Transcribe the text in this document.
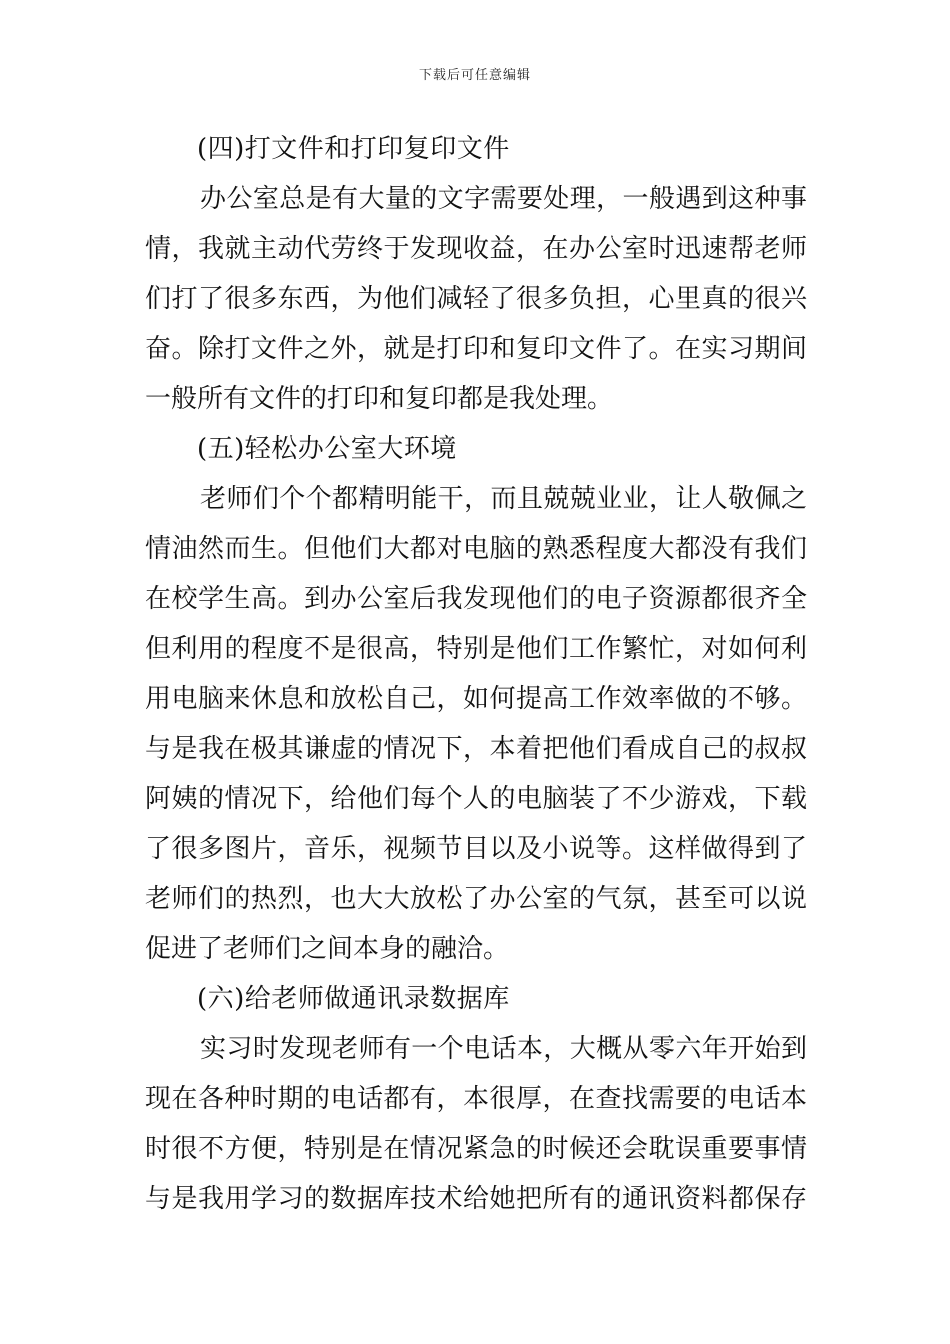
下载后可任意编辑
(四)打文件和打印复印文件
办公室总是有大量的文字需要处理，一般遇到这种事
情，我就主动代劳终于发现收益，在办公室时迅速帮老师
们打了很多东西，为他们减轻了很多负担，心里真的很兴
奋。除打文件之外，就是打印和复印文件了。在实习期间
一般所有文件的打印和复印都是我处理。
(五)轻松办公室大环境
老师们个个都精明能干，而且兢兢业业，让人敬佩之
情油然而生。但他们大都对电脑的熟悉程度大都没有我们
在校学生高。到办公室后我发现他们的电子资源都很齐全
但利用的程度不是很高，特别是他们工作繁忙，对如何利
用电脑来休息和放松自己，如何提高工作效率做的不够。
与是我在极其谦虚的情况下，本着把他们看成自己的叔叔
阿姨的情况下，给他们每个人的电脑装了不少游戏，下载
了很多图片，音乐，视频节目以及小说等。这样做得到了
老师们的热烈，也大大放松了办公室的气氛，甚至可以说
促进了老师们之间本身的融洽。
(六)给老师做通讯录数据库
实习时发现老师有一个电话本，大概从零六年开始到
现在各种时期的电话都有，本很厚，在查找需要的电话本
时很不方便，特别是在情况紧急的时候还会耽误重要事情
与是我用学习的数据库技术给她把所有的通讯资料都保存
